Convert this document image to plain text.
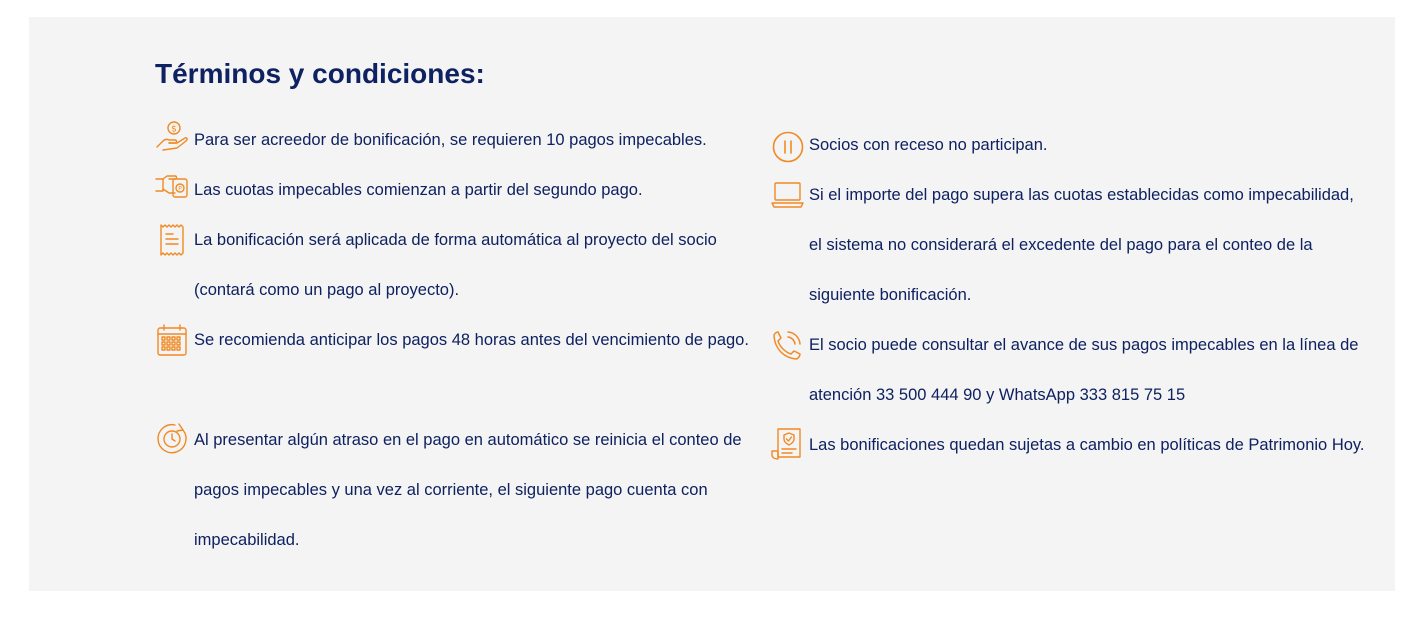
Términos y condiciones:
$
Para ser acreedor de bonificación, se requieren 10 pagos impecables.
P Las cuotas impecables comienzan a partir del segundo pago.
La bonificación será aplicada de forma automática al proyecto del socio (contará como un pago al proyecto).
Se recomienda anticipar los pagos 48 horas antes del vencimiento de pago.
Al presentar algún atraso en el pago en automático se reinicia el conteo de pagos impecables y una vez al corriente, el siguiente pago cuenta con impecabilidad.
Socios con receso no participan.
Si el importe del pago supera las cuotas establecidas como impecabilidad, el sistema no considerará el excedente del pago para el conteo de la siguiente bonificación.
El socio puede consultar el avance de sus pagos impecables en la línea de atención 33 500 444 90 y WhatsApp 333 815 75 15
Las bonificaciones quedan sujetas a cambio en políticas de Patrimonio Hoy.
